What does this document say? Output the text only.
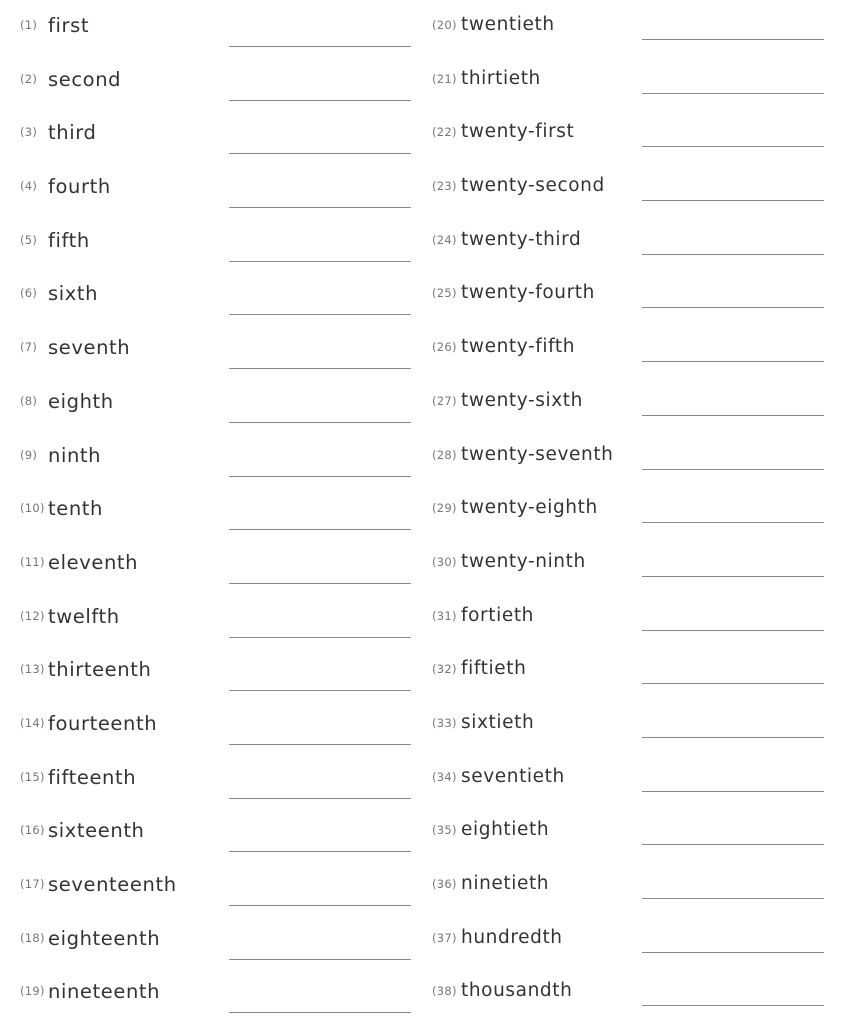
(1) first
(2) second
(3) third
(4) fourth
(5) fifth
(6) sixth
(7) seventh
(8) eighth
(9) ninth
(10) tenth
(11) eleventh
(12) twelfth
(13) thirteenth
(14) fourteenth
(15) fifteenth
(16) sixteenth
(17) seventeenth
(18) eighteenth
(19) nineteenth
(20) twentieth
(21) thirtieth
(22) twenty-first
(23) twenty-second
(24) twenty-third
(25) twenty-fourth
(26) twenty-fifth
(27) twenty-sixth
(28) twenty-seventh
(29) twenty-eighth
(30) twenty-ninth
(31) fortieth
(32) fiftieth
(33) sixtieth
(34) seventieth
(35) eightieth
(36) ninetieth
(37) hundredth
(38) thousandth
